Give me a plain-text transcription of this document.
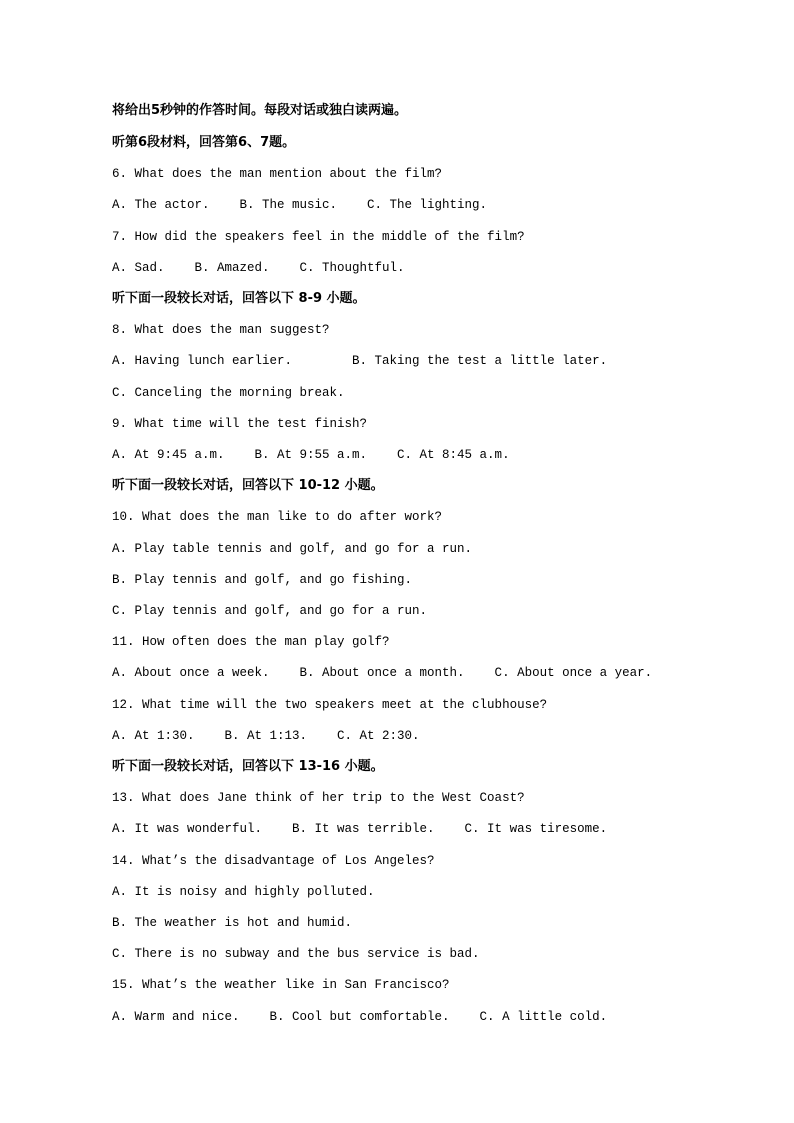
将给出5秒钟的作答时间。每段对话或独白读两遍。
听第6段材料，回答第6、7题。
6. What does the man mention about the film?
A. The actor.    B. The music.    C. The lighting.
7. How did the speakers feel in the middle of the film?
A. Sad.    B. Amazed.    C. Thoughtful.
听下面一段较长对话，回答以下 8-9 小题。
8. What does the man suggest?
A. Having lunch earlier.        B. Taking the test a little later.
C. Canceling the morning break.
9. What time will the test finish?
A. At 9:45 a.m.    B. At 9:55 a.m.    C. At 8:45 a.m.
听下面一段较长对话，回答以下 10-12 小题。
10. What does the man like to do after work?
A. Play table tennis and golf, and go for a run.
B. Play tennis and golf, and go fishing.
C. Play tennis and golf, and go for a run.
11. How often does the man play golf?
A. About once a week.    B. About once a month.    C. About once a year.
12. What time will the two speakers meet at the clubhouse?
A. At 1:30.    B. At 1:13.    C. At 2:30.
听下面一段较长对话，回答以下 13-16 小题。
13. What does Jane think of her trip to the West Coast?
A. It was wonderful.    B. It was terrible.    C. It was tiresome.
14. What’s the disadvantage of Los Angeles?
A. It is noisy and highly polluted.
B. The weather is hot and humid.
C. There is no subway and the bus service is bad.
15. What’s the weather like in San Francisco?
A. Warm and nice.    B. Cool but comfortable.    C. A little cold.
